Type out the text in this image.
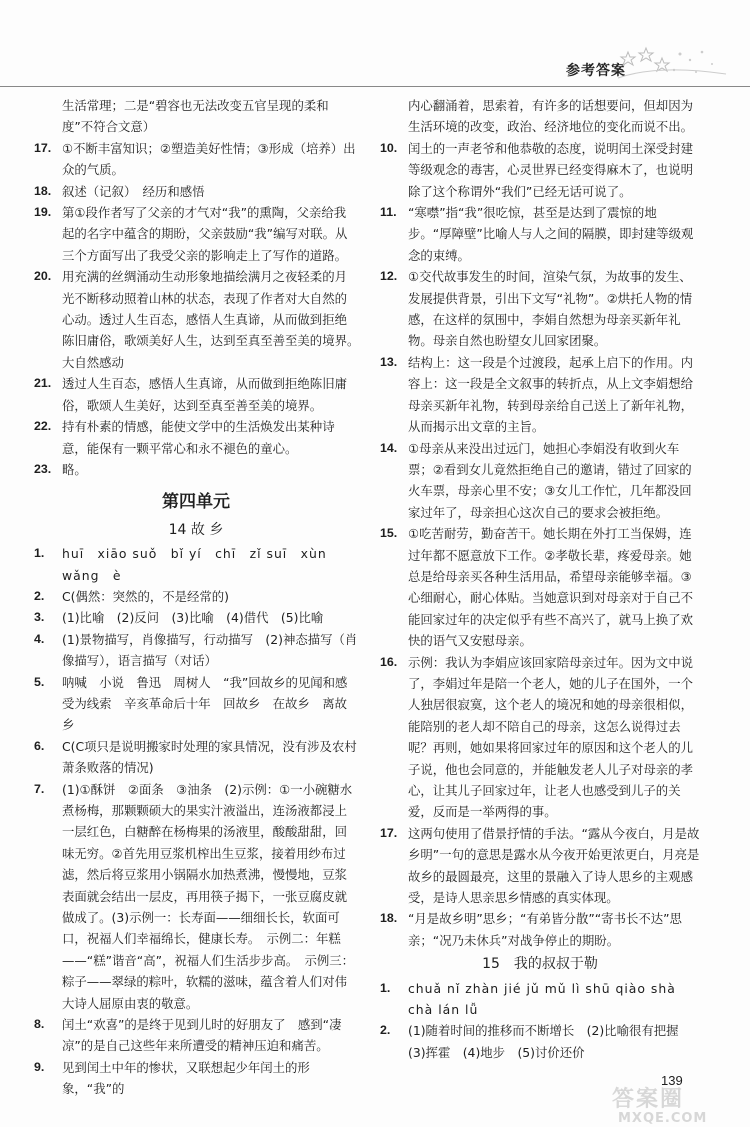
参考答案
生活常理；二是“碧容也无法改变五官呈现的柔和度”不符合文意）
17. ①不断丰富知识；②塑造美好性情；③形成（培养）出众的气质。
18. 叙述（记叙）　经历和感悟
19. 第①段作者写了父亲的才气对“我”的熏陶，父亲给我起的名字中蕴含的期盼，父亲鼓励“我”编写对联。从三个方面写出了我受父亲的影响走上了写作的道路。
20. 用充满的丝绸涌动生动形象地描绘满月之夜轻柔的月光不断移动照着山林的状态，表现了作者对大自然的心动。透过人生百态，感悟人生真谛，从而做到拒绝陈旧庸俗，歌颂美好人生，达到至真至善至美的境界。　大自然感动
21. 透过人生百态，感悟人生真谛，从而做到拒绝陈旧庸俗，歌颂人生美好，达到至真至善至美的境界。
22. 持有朴素的情感，能使文学中的生活焕发出某种诗意，能保有一颗平常心和永不褪色的童心。
23. 略。
第四单元
14 故 乡
1.	huī　xiāo suǒ　bǐ yí　chī　zǐ suī　xùn　wǎng　è
2.	C(偶然：突然的，不是经常的)
3.	(1)比喻　(2)反问　(3)比喻　(4)借代　(5)比喻
4.	(1)景物描写，肖像描写，行动描写　(2)神态描写（肖像描写），语言描写（对话）
5.	呐喊　小说　鲁迅　周树人　“我”回故乡的见闻和感受为线索　辛亥革命后十年　回故乡　在故乡　离故乡
6.	C(C项只是说明搬家时处理的家具情况，没有涉及农村萧条败落的情况)
7.	(1)①酥饼　②面条　③油条　(2)示例：①一小碗糖水煮杨梅，那颗颗硕大的果实汁液溢出，连汤液都浸上一层红色，白糖醉在杨梅果的汤液里，酸酸甜甜，回味无穷。②首先用豆浆机榨出生豆浆，接着用纱布过滤，然后将豆浆用小锅隔水加热煮沸，慢慢地，豆浆表面就会结出一层皮，再用筷子揭下，一张豆腐皮就做成了。(3)示例一：长寿面——细细长长，软面可口，祝福人们幸福绵长，健康长寿。　示例二：年糕——“糕”谐音“高”，祝福人们生活步步高。　示例三：粽子——翠绿的粽叶，软糯的滋味，蕴含着人们对伟大诗人屈原由衷的敬意。
8.	闰土“欢喜”的是终于见到儿时的好朋友了　感到“凄凉”的是自己这些年来所遭受的精神压迫和痛苦。
9.	见到闰土中年的惨状，又联想起少年闰土的形象，“我”的
内心翻涌着，思索着，有许多的话想要问，但却因为生活环境的改变，政治、经济地位的变化而说不出。
10. 闰土的一声老爷和他恭敬的态度，说明闰土深受封建等级观念的毒害，心灵世界已经变得麻木了，也说明除了这个称谓外“我们”已经无话可说了。
11. “寒噤”指“我”很吃惊，甚至是达到了震惊的地步。“厚障壁”比喻人与人之间的隔膜，即封建等级观念的束缚。
12. ①交代故事发生的时间，渲染气氛，为故事的发生、发展提供背景，引出下文写“礼物”。②烘托人物的情感，在这样的氛围中，李娟自然想为母亲买新年礼物。母亲自然也盼望女儿回家团聚。
13. 结构上：这一段是个过渡段，起承上启下的作用。内容上：这一段是全文叙事的转折点，从上文李娟想给母亲买新年礼物，转到母亲给自己送上了新年礼物，从而揭示出文章的主旨。
14. ①母亲从来没出过远门，她担心李娟没有收到火车票；②看到女儿竟然拒绝自己的邀请，错过了回家的火车票，母亲心里不安；③女儿工作忙，几年都没回家过年了，母亲担心这次自己的要求会被拒绝。
15. ①吃苦耐劳，勤奋苦干。她长期在外打工当保姆，连过年都不愿意放下工作。②孝敬长辈，疼爱母亲。她总是给母亲买各种生活用品，希望母亲能够幸福。③心细耐心，耐心体贴。当她意识到对母亲对于自己不能回家过年的决定似乎有些不高兴了，就马上换了欢快的语气又安慰母亲。
16. 示例：我认为李娟应该回家陪母亲过年。因为文中说了，李娟过年是陪一个老人，她的儿子在国外，一个人独居很寂寞，这个老人的境况和她的母亲很相似，能陪别的老人却不陪自己的母亲，这怎么说得过去呢？再则，她如果将回家过年的原因和这个老人的儿子说，他也会同意的，并能触发老人儿子对母亲的孝心，让其儿子回家过年，让老人也感受到儿子的关爱，反而是一举两得的事。
17. 这两句使用了借景抒情的手法。“露从今夜白，月是故乡明”一句的意思是露水从今夜开始更浓更白，月亮是故乡的最圆最亮，这里的景融入了诗人思乡的主观感受，是诗人思亲思乡情感的真实体现。
18. “月是故乡明”思乡；“有弟皆分散”“寄书长不达”思亲；“况乃未休兵”对战争停止的期盼。
15　我的叔叔于勒
1.	chuǎ nǐ zhàn jié jǔ mǔ lì shū qiào shà chà lán lǚ
2.	(1)随着时间的推移而不断增长　(2)比喻很有把握　(3)挥霍　(4)地步　(5)讨价还价
139
答案圈
MXQE.COM
